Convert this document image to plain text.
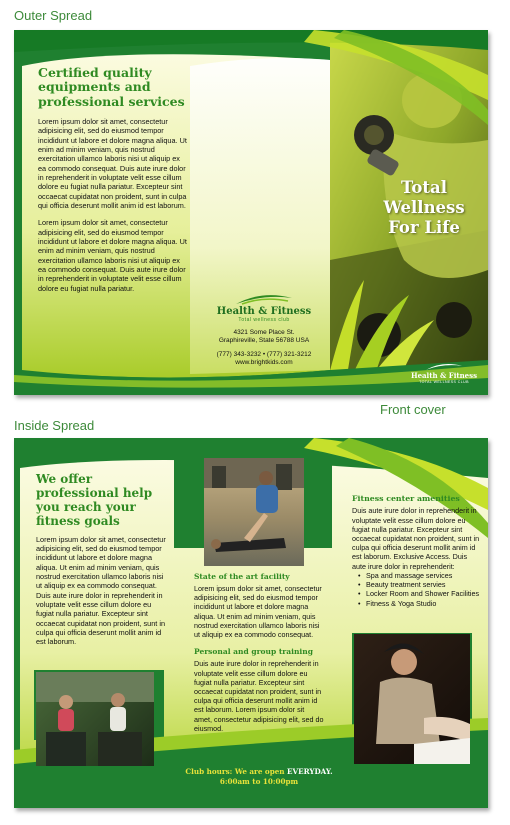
Outer Spread
Front cover
Inside Spread
Certified quality equipments and professional services

Lorem ipsum dolor sit amet, consectetur adipisicing elit, sed do eiusmod tempor incididunt ut labore et dolore magna aliqua. Ut enim ad minim veniam, quis nostrud exercitation ullamco laboris nisi ut aliquip ex ea commodo consequat. Duis aute irure dolor in reprehenderit in voluptate velit esse cillum dolore eu fugiat nulla pariatur. Excepteur sint occaecat cupidatat non proident, sunt in culpa qui officia deserunt mollit anim id est laborum.

Lorem ipsum dolor sit amet, consectetur adipisicing elit, sed do eiusmod tempor incididunt ut labore et dolore magna aliqua. Ut enim ad minim veniam, quis nostrud exercitation ullamco laboris nisi ut aliquip ex ea commodo consequat. Duis aute irure dolor in reprehenderit in voluptate velit esse cillum dolore eu fugiat nulla pariatur.

Health & Fitness
Total wellness club
4321 Some Place St.
Graphireville, State 56788 USA
(777) 343-3232 • (777) 321-3212
www.brightkids.com
Total
Wellness
For Life
Health & Fitness
TOTAL WELLNESS CLUB
We offer professional help you reach your fitness goals

Lorem ipsum dolor sit amet, consectetur adipisicing elit, sed do eiusmod tempor incididunt ut labore et dolore magna aliqua. Ut enim ad minim veniam, quis nostrud exercitation ullamco laboris nisi ut aliquip ex ea commodo consequat. Duis aute irure dolor in reprehenderit in voluptate velit esse cillum dolore eu fugiat nulla pariatur. Excepteur sint occaecat cupidatat non proident, sunt in culpa qui officia deserunt mollit anim id est laborum.

State of the art facility

Lorem ipsum dolor sit amet, consectetur adipisicing elit, sed do eiusmod tempor incididunt ut labore et dolore magna aliqua. Ut enim ad minim veniam, quis nostrud exercitation ullamco laboris nisi ut aliquip ex ea commodo consequat.

Personal and group training

Duis aute irure dolor in reprehenderit in voluptate velit esse cillum dolore eu fugiat nulla pariatur. Excepteur sint occaecat cupidatat non proident, sunt in culpa qui officia deserunt mollit anim id est laborum. Lorem ipsum dolor sit amet, consectetur adipisicing elit, sed do eiusmod.

Club hours: We are open EVERYDAY.
6:00am to 10:00pm
Fitness center amenities

Duis aute irure dolor in reprehenderit in voluptate velit esse cillum dolore eu fugiat nulla pariatur. Excepteur sint occaecat cupidatat non proident, sunt in culpa qui officia deserunt mollit anim id est laborum. Exclusive Access. Duis aute irure dolor in reprehenderit:

• Spa and massage services
• Beauty treatment servies
• Locker Room and Shower Facilities
• Fitness & Yoga Studio
